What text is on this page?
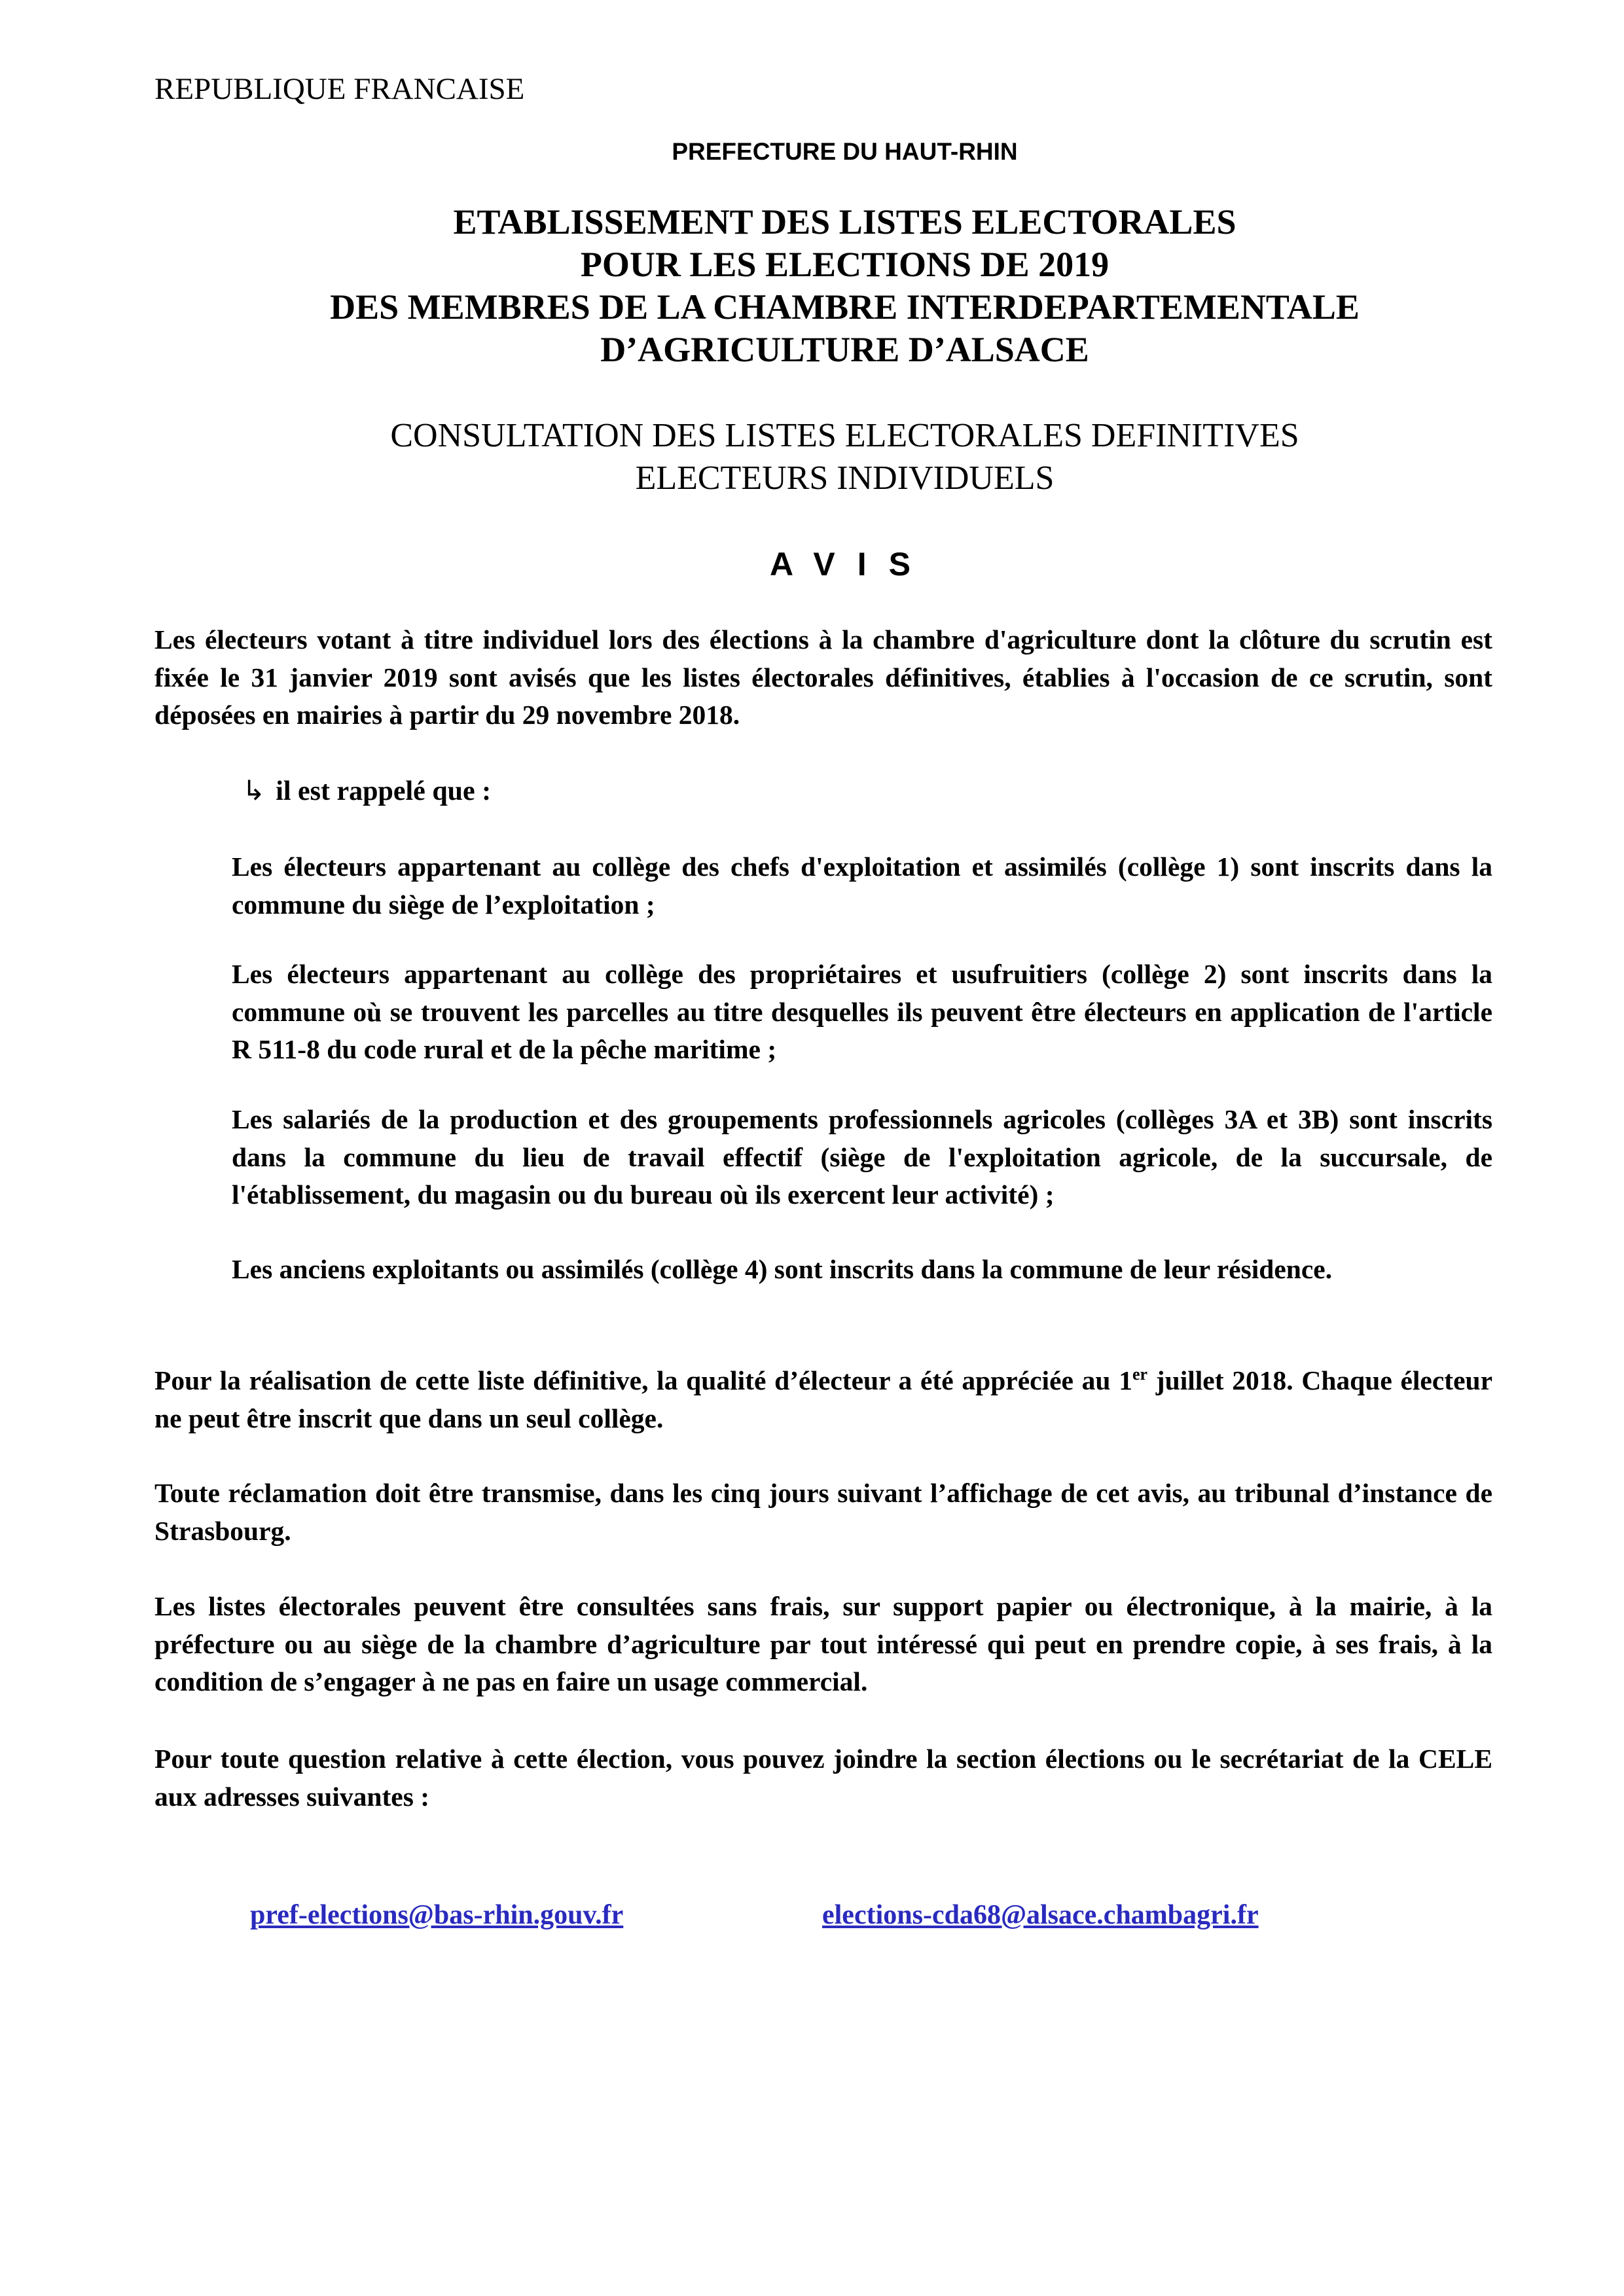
REPUBLIQUE FRANCAISE
PREFECTURE DU HAUT-RHIN
ETABLISSEMENT DES LISTES ELECTORALES
POUR LES ELECTIONS DE 2019
DES MEMBRES DE LA CHAMBRE INTERDEPARTEMENTALE
D’AGRICULTURE D’ALSACE
CONSULTATION DES LISTES ELECTORALES DEFINITIVES
ELECTEURS INDIVIDUELS
AVIS
Les électeurs votant à titre individuel lors des élections à la chambre d'agriculture dont la clôture du scrutin est fixée le 31 janvier 2019 sont avisés que les listes électorales définitives, établies à l'occasion de ce scrutin, sont déposées en mairies à partir du 29 novembre 2018.
↳ il est rappelé que :
Les électeurs appartenant au collège des chefs d'exploitation et assimilés (collège 1) sont inscrits dans la commune du siège de l’exploitation ;
Les électeurs appartenant au collège des propriétaires et usufruitiers (collège 2) sont inscrits dans la commune où se trouvent les parcelles au titre desquelles ils peuvent être électeurs en application de l'article R 511-8 du code rural et de la pêche maritime ;
Les salariés de la production et des groupements professionnels agricoles (collèges 3A et 3B) sont inscrits dans la commune du lieu de travail effectif (siège de l'exploitation agricole, de la succursale, de l'établissement, du magasin ou du bureau où ils exercent leur activité) ;
Les anciens exploitants ou assimilés (collège 4) sont inscrits dans la commune de leur résidence.
Pour la réalisation de cette liste définitive, la qualité d’électeur a été appréciée au 1er juillet 2018. Chaque électeur ne peut être inscrit que dans un seul collège.
Toute réclamation doit être transmise, dans les cinq jours suivant l’affichage de cet avis, au tribunal d’instance de Strasbourg.
Les listes électorales peuvent être consultées sans frais, sur support papier ou électronique, à la mairie, à la préfecture ou au siège de la chambre d’agriculture par tout intéressé qui peut en prendre copie, à ses frais, à la condition de s’engager à ne pas en faire un usage commercial.
Pour toute question relative à cette élection, vous pouvez joindre la section élections ou le secrétariat de la CELE aux adresses suivantes :
pref-elections@bas-rhin.gouv.fr	elections-cda68@alsace.chambagri.fr
